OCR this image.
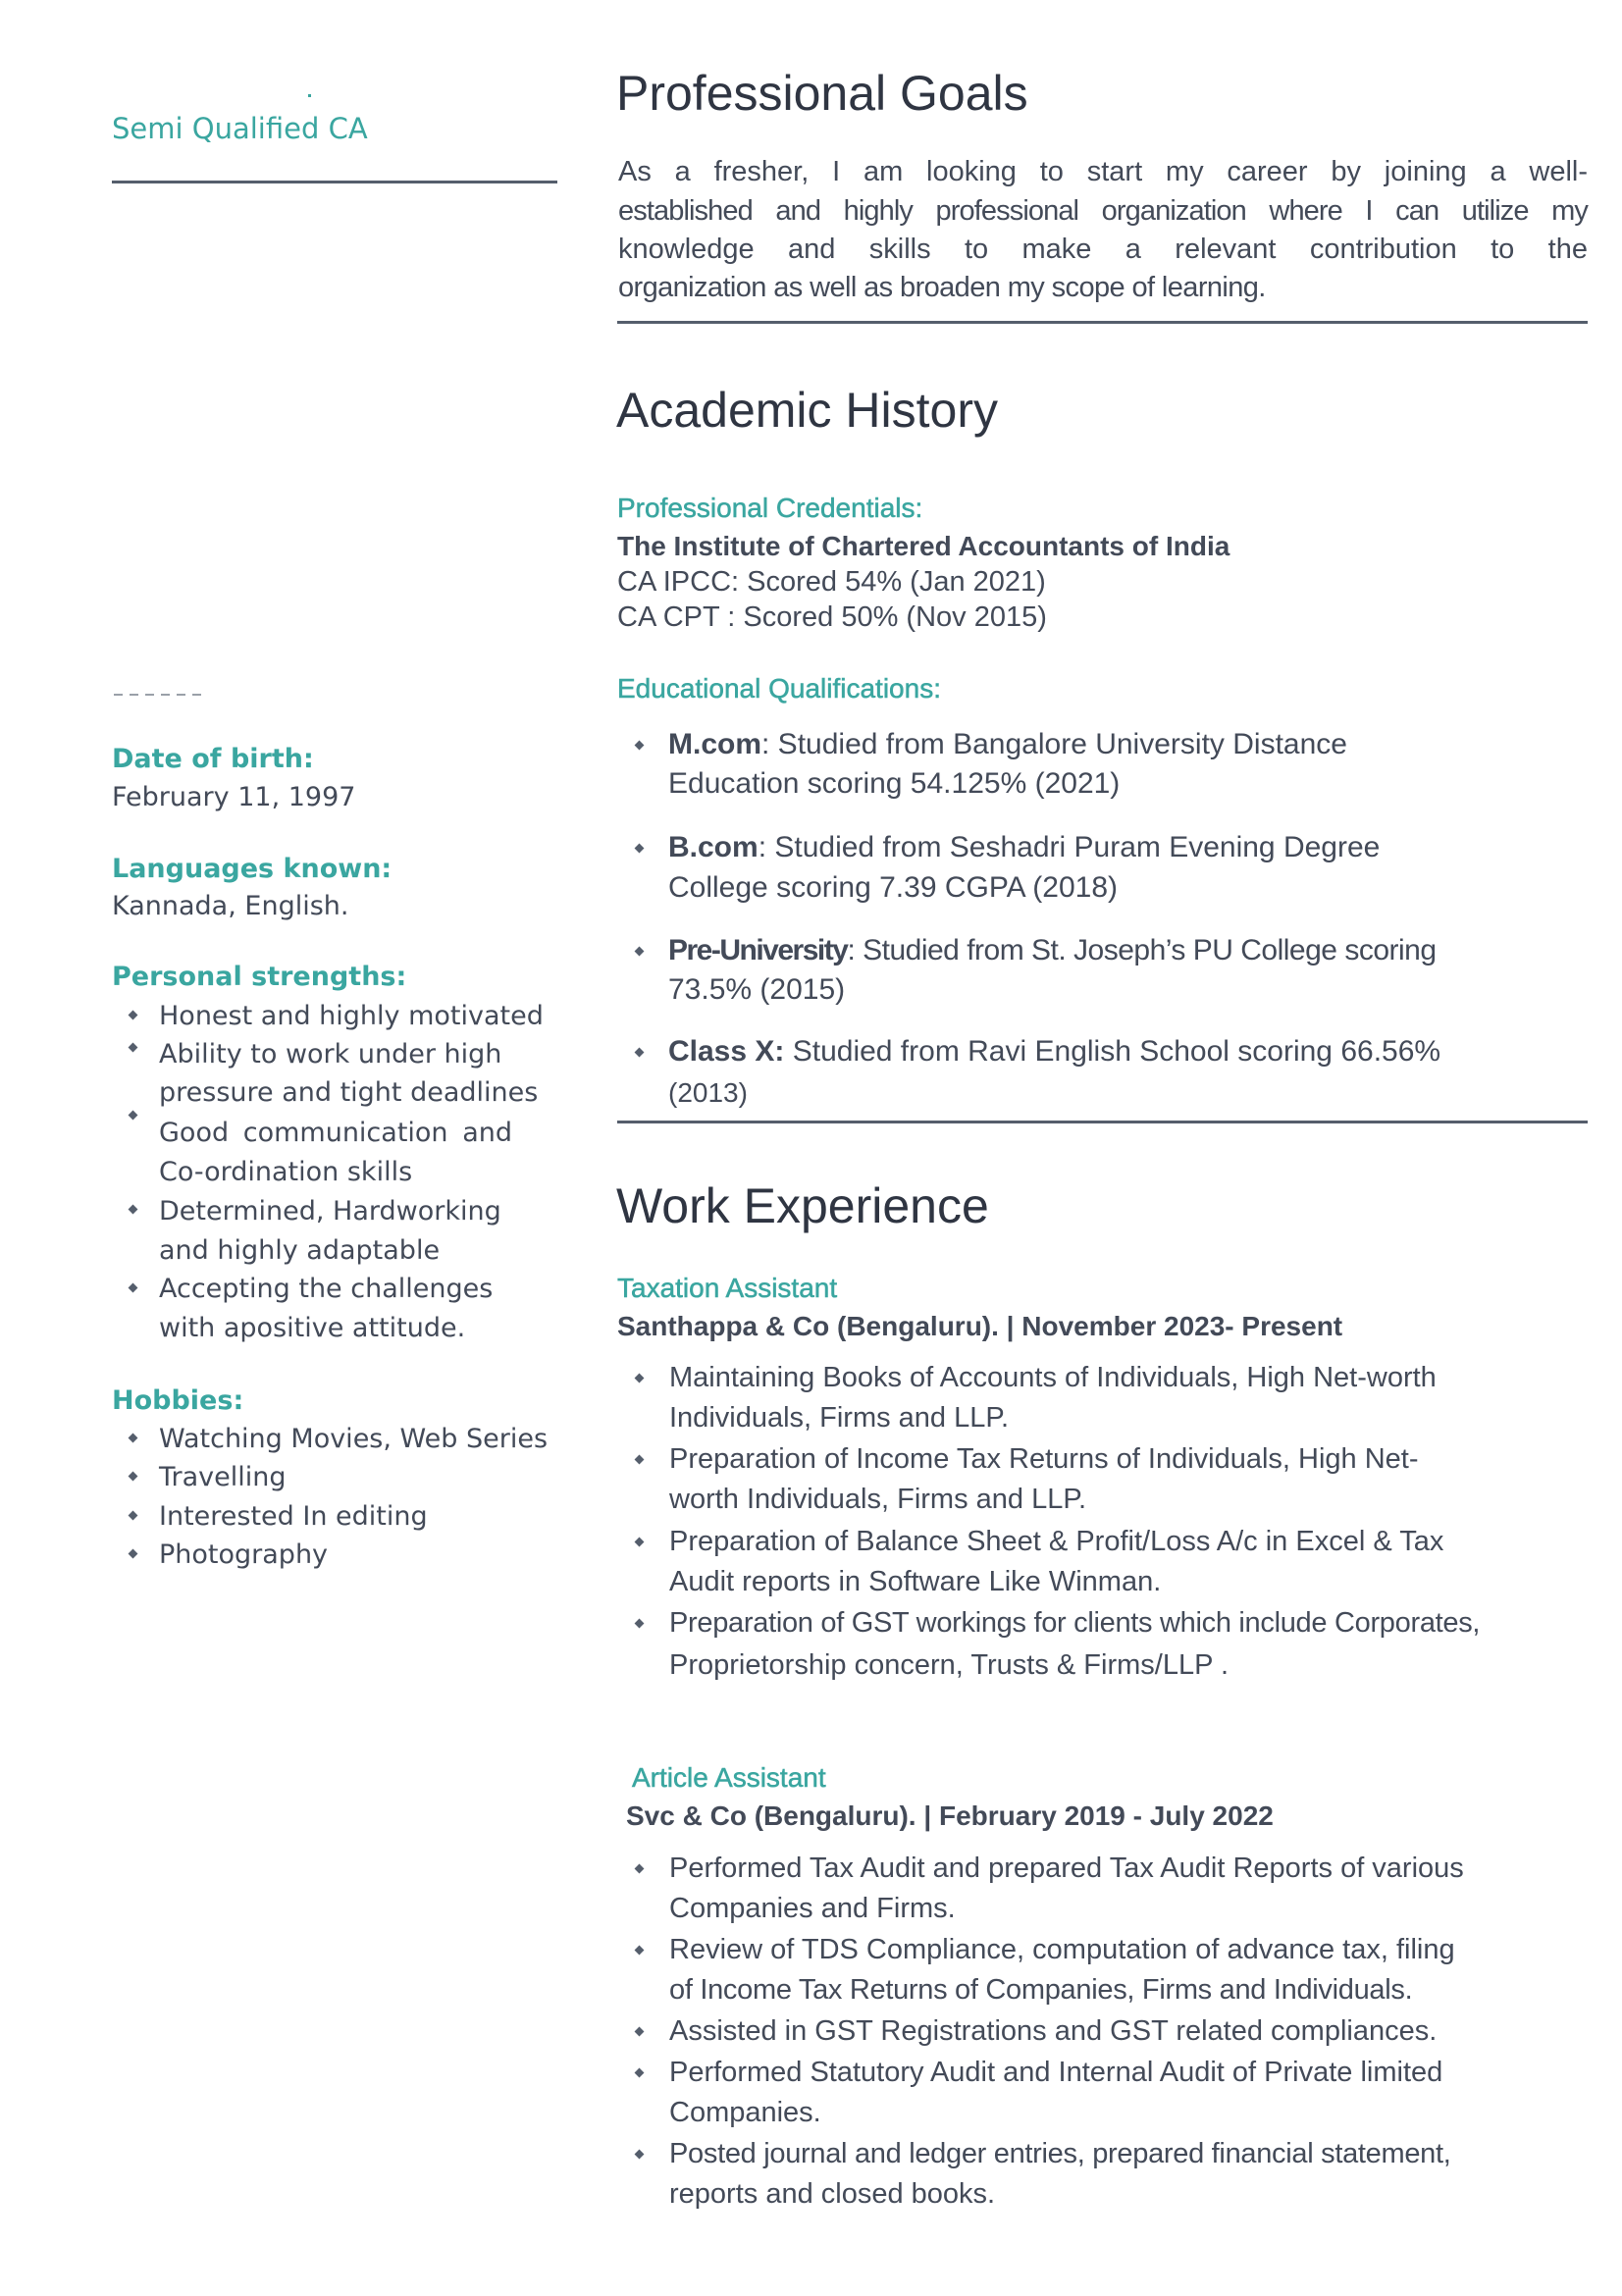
Semi Qualified CA
Date of birth:
February 11, 1997
Languages known:
Kannada, English.
Personal strengths:
Honest and highly motivated
Ability to work under high
pressure and tight deadlines
Good communication and
Co-ordination skills
Determined, Hardworking
and highly adaptable
Accepting the challenges
with apositive attitude.
Hobbies:
Watching Movies, Web Series
Travelling
Interested In editing
Photography
Professional Goals
As a fresher, I am looking to start my career by joining a well-
established and highly professional organization where I can utilize my
knowledge and skills to make a relevant contribution to the
organization as well as broaden my scope of learning.
Academic History
Professional Credentials:
The Institute of Chartered Accountants of India
CA IPCC: Scored 54% (Jan 2021)
CA CPT : Scored 50% (Nov 2015)
Educational Qualifications:
M.com: Studied from Bangalore University Distance
Education scoring 54.125% (2021)
B.com: Studied from Seshadri Puram Evening Degree
College scoring 7.39 CGPA (2018)
Pre-University: Studied from St. Joseph’s PU College scoring
73.5% (2015)
Class X: Studied from Ravi English School scoring 66.56%
(2013)
Work Experience
Taxation Assistant
Santhappa & Co (Bengaluru). | November 2023- Present
Maintaining Books of Accounts of Individuals, High Net-worth
Individuals, Firms and LLP.
Preparation of Income Tax Returns of Individuals, High Net-
worth Individuals, Firms and LLP.
Preparation of Balance Sheet & Profit/Loss A/c in Excel & Tax
Audit reports in Software Like Winman.
Preparation of GST workings for clients which include Corporates,
Proprietorship concern, Trusts & Firms/LLP .
Article Assistant
Svc & Co (Bengaluru). | February 2019 - July 2022
Performed Tax Audit and prepared Tax Audit Reports of various
Companies and Firms.
Review of TDS Compliance, computation of advance tax, filing
of Income Tax Returns of Companies, Firms and Individuals.
Assisted in GST Registrations and GST related compliances.
Performed Statutory Audit and Internal Audit of Private limited
Companies.
Posted journal and ledger entries, prepared financial statement,
reports and closed books.
